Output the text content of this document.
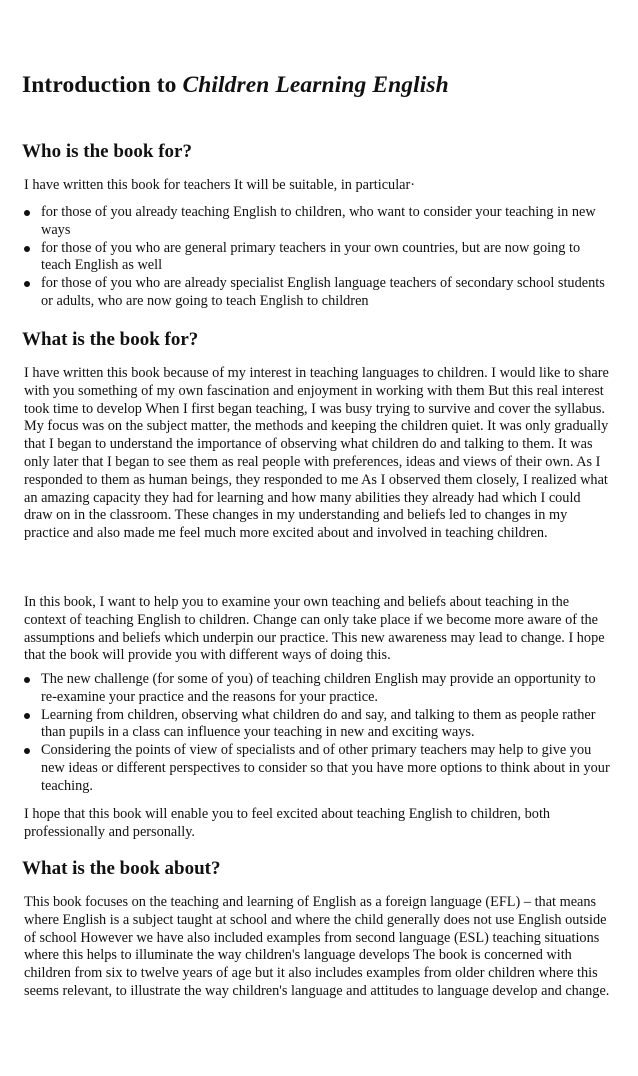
Introduction to Children Learning English
Who is the book for?

I have written this book for teachers It will be suitable, in particular·

for those of you already teaching English to children, who want to consider your teaching in new ways
for those of you who are general primary teachers in your own countries, but are now going to teach English as well
for those of you who are already specialist English language teachers of secondary school students or adults, who are now going to teach English to children
What is the book for?

I have written this book because of my interest in teaching languages to children. I would like to share with you something of my own fascination and enjoyment in working with them But this real interest took time to develop When I first began teaching, I was busy trying to survive and cover the syllabus. My focus was on the subject matter, the methods and keeping the children quiet. It was only gradually that I began to understand the importance of observing what children do and talking to them. It was only later that I began to see them as real people with preferences, ideas and views of their own. As I responded to them as human beings, they responded to me As I observed them closely, I realized what an amazing capacity they had for learning and how many abilities they already had which I could draw on in the classroom. These changes in my understanding and beliefs led to changes in my practice and also made me feel much more excited about and involved in teaching children.

In this book, I want to help you to examine your own teaching and beliefs about teaching in the context of teaching English to children. Change can only take place if we become more aware of the assumptions and beliefs which underpin our practice. This new awareness may lead to change. I hope that the book will provide you with different ways of doing this.

The new challenge (for some of you) of teaching children English may provide an opportunity to re-examine your practice and the reasons for your practice.
Learning from children, observing what children do and say, and talking to them as people rather than pupils in a class can influence your teaching in new and exciting ways.
Considering the points of view of specialists and of other primary teachers may help to give you new ideas or different perspectives to consider so that you have more options to think about in your teaching.

I hope that this book will enable you to feel excited about teaching English to children, both professionally and personally.

What is the book about?

This book focuses on the teaching and learning of English as a foreign language (EFL) – that means where English is a subject taught at school and where the child generally does not use English outside of school However we have also included examples from second language (ESL) teaching situations where this helps to illuminate the way children's language develops The book is concerned with children from six to twelve years of age but it also includes examples from older children where this seems relevant, to illustrate the way children's language and attitudes to language develop and change.
